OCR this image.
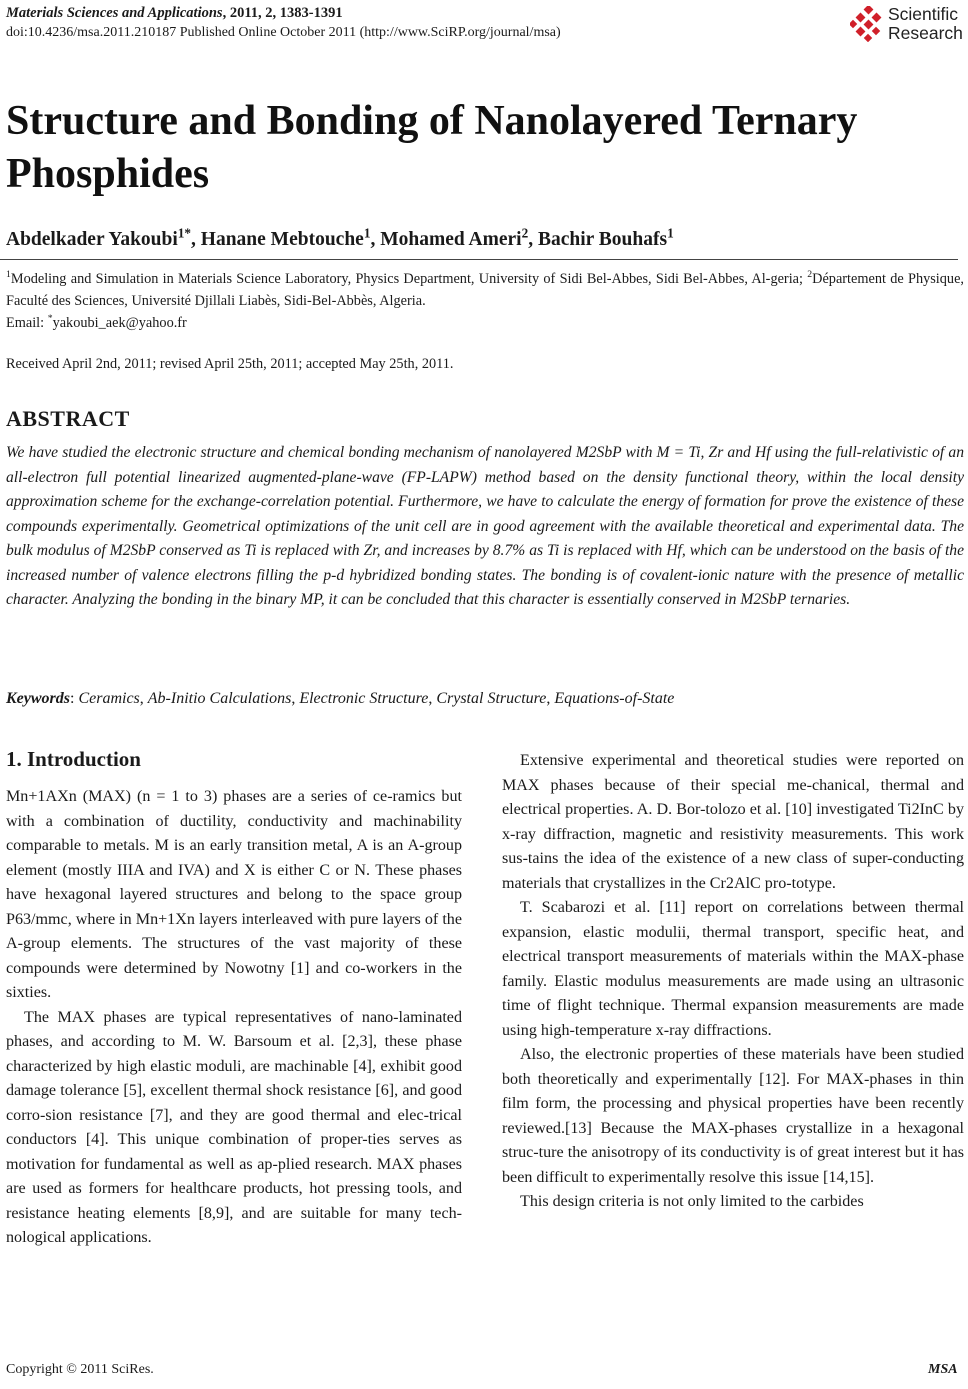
Materials Sciences and Applications, 2011, 2, 1383-1391
doi:10.4236/msa.2011.210187 Published Online October 2011 (http://www.SciRP.org/journal/msa)
Scientific
Research
Structure and Bonding of Nanolayered Ternary
Phosphides
Abdelkader Yakoubi$^{1*}$, Hanane Mebtouche$^1$, Mohamed Ameri$^2$, Bachir Bouhafs$^1$
$^1$Modeling and Simulation in Materials Science Laboratory, Physics Department, University of Sidi Bel-Abbes, Sidi Bel-Abbes, Al-geria; $^2$Département de Physique, Faculté des Sciences, Université Djillali Liabès, Sidi-Bel-Abbès, Algeria.
Email: *yakoubi_aek@yahoo.fr
Received April 2nd, 2011; revised April 25th, 2011; accepted May 25th, 2011.
ABSTRACT
We have studied the electronic structure and chemical bonding mechanism of nanolayered M2SbP with M = Ti, Zr and Hf using the full-relativistic of an all-electron full potential linearized augmented-plane-wave (FP-LAPW) method based on the density functional theory, within the local density approximation scheme for the exchange-correlation potential. Furthermore, we have to calculate the energy of formation for prove the existence of these compounds experimentally. Geometrical optimizations of the unit cell are in good agreement with the available theoretical and experimental data. The bulk modulus of M2SbP conserved as Ti is replaced with Zr, and increases by 8.7% as Ti is replaced with Hf, which can be understood on the basis of the increased number of valence electrons filling the p-d hybridized bonding states. The bonding is of covalent-ionic nature with the presence of metallic character. Analyzing the bonding in the binary MP, it can be concluded that this character is essentially conserved in M2SbP ternaries.
Keywords: Ceramics, Ab-Initio Calculations, Electronic Structure, Crystal Structure, Equations-of-State
1. Introduction

Mn+1AXn (MAX) (n = 1 to 3) phases are a series of ce-ramics but with a combination of ductility, conductivity and machinability comparable to metals. M is an early transition metal, A is an A-group element (mostly IIIA and IVA) and X is either C or N. These phases have hexagonal layered structures and belong to the space group P63/mmc, where in Mn+1Xn layers interleaved with pure layers of the A-group elements. The structures of the vast majority of these compounds were determined by Nowotny [1] and co-workers in the sixties.

The MAX phases are typical representatives of nano-laminated phases, and according to M. W. Barsoum et al. [2,3], these phase characterized by high elastic moduli, are machinable [4], exhibit good damage tolerance [5], excellent thermal shock resistance [6], and good corro-sion resistance [7], and they are good thermal and elec-trical conductors [4]. This unique combination of proper-ties serves as motivation for fundamental as well as ap-plied research. MAX phases are used as formers for healthcare products, hot pressing tools, and resistance heating elements [8,9], and are suitable for many tech-nological applications.

Extensive experimental and theoretical studies were reported on MAX phases because of their special me-chanical, thermal and electrical properties. A. D. Bor-tolozo et al. [10] investigated Ti2InC by x-ray diffraction, magnetic and resistivity measurements. This work sus-tains the idea of the existence of a new class of super-conducting materials that crystallizes in the Cr2AlC pro-totype.

T. Scabarozi et al. [11] report on correlations between thermal expansion, elastic modulii, thermal transport, specific heat, and electrical transport measurements of materials within the MAX-phase family. Elastic modulus measurements are made using an ultrasonic time of flight technique. Thermal expansion measurements are made using high-temperature x-ray diffractions.

Also, the electronic properties of these materials have been studied both theoretically and experimentally [12]. For MAX-phases in thin film form, the processing and physical properties have been recently reviewed.[13] Because the MAX-phases crystallize in a hexagonal struc-ture the anisotropy of its conductivity is of great interest but it has been difficult to experimentally resolve this issue [14,15].

This design criteria is not only limited to the carbides

Copyright © 2011 SciRes.	MSA
